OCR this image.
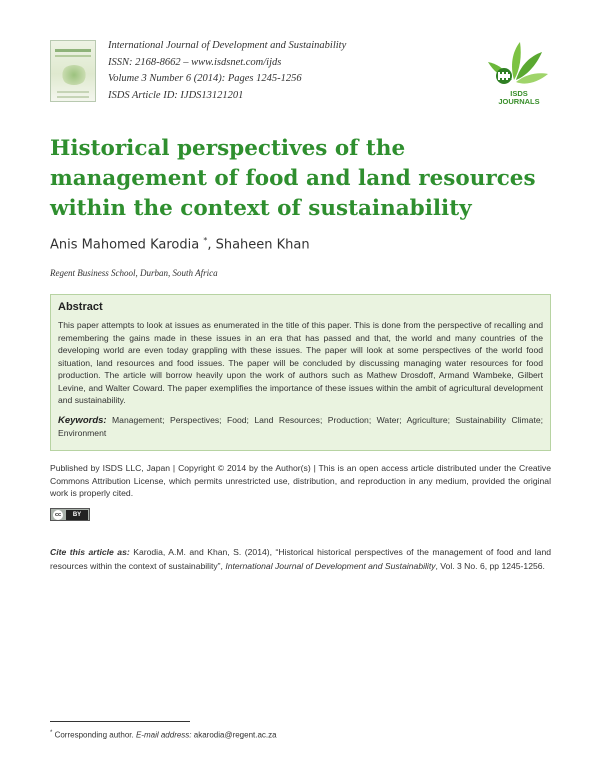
International Journal of Development and Sustainability
ISSN: 2168-8662 – www.isdsnet.com/ijds
Volume 3 Number 6 (2014): Pages 1245-1256
ISDS Article ID: IJDS13121201	ISDS
JOURNALS
Historical perspectives of the management of food and land resources within the context of sustainability
Anis Mahomed Karodia *, Shaheen Khan
Regent Business School, Durban, South Africa
Abstract

This paper attempts to look at issues as enumerated in the title of this paper. This is done from the perspective of recalling and remembering the gains made in these issues in an era that has passed and that, the world and many countries of the developing world are even today grappling with these issues. The paper will look at some perspectives of the world food situation, land resources and food issues. The paper will be concluded by discussing managing water resources for food production. The article will borrow heavily upon the work of authors such as Mathew Drosdoff, Armand Wambeke, Gilbert Levine, and Walter Coward. The paper exemplifies the importance of these issues within the ambit of agricultural development and sustainability.

Keywords: Management; Perspectives; Food; Land Resources; Production; Water; Agriculture; Sustainability Climate; Environment

Published by ISDS LLC, Japan | Copyright © 2014 by the Author(s) | This is an open access article distributed under the Creative Commons Attribution License, which permits unrestricted use, distribution, and reproduction in any medium, provided the original work is properly cited.

cc	BY

Cite this article as: Karodia, A.M. and Khan, S. (2014), “Historical historical perspectives of the management of food and land resources within the context of sustainability”, International Journal of Development and Sustainability, Vol. 3 No. 6, pp 1245-1256.

* Corresponding author. E-mail address: akarodia@regent.ac.za
